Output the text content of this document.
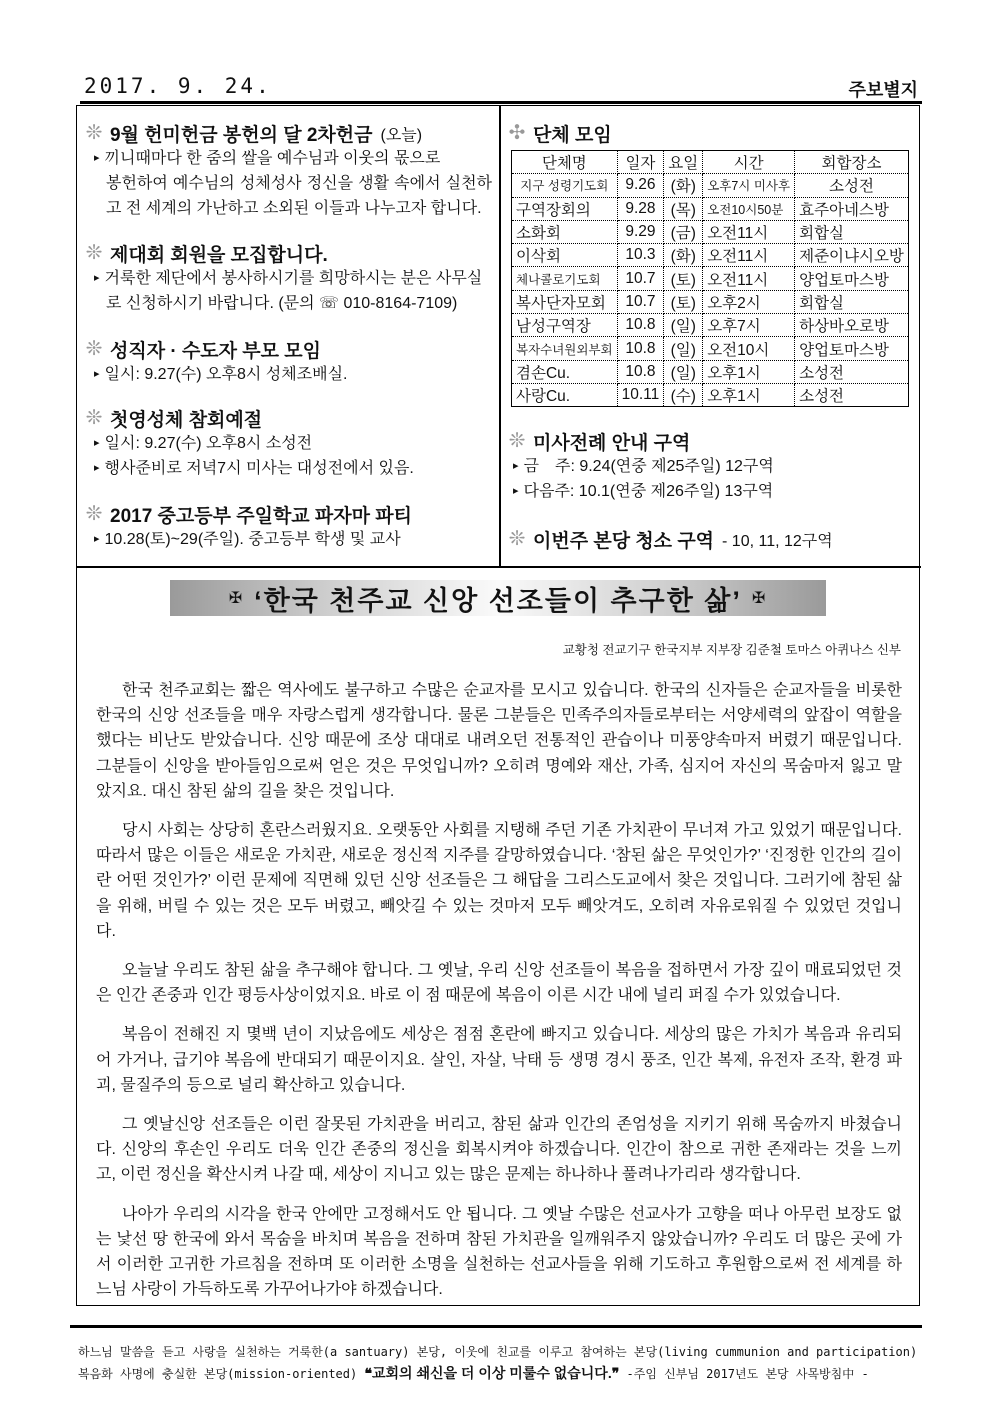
2017. 9. 24.	주보별지
❊ 9월 헌미헌금 봉헌의 달 2차헌금 (오늘)

▸ 끼니때마다 한 줌의 쌀을 예수님과 이웃의 몫으로

봉헌하여 예수님의 성체성사 정신을 생활 속에서 실천하고 전 세계의 가난하고 소외된 이들과 나누고자 합니다.

❊ 제대회 회원을 모집합니다.

▸ 거룩한 제단에서 봉사하시기를 희망하시는 분은 사무실

로 신청하시기 바랍니다. (문의 ☏ 010-8164-7109)

❊ 성직자 · 수도자 부모 모임

▸ 일시: 9.27(수) 오후8시 성체조배실.

❊ 첫영성체 참회예절

▸ 일시: 9.27(수) 오후8시 소성전

▸ 행사준비로 저녁7시 미사는 대성전에서 있음.

❊ 2017 중고등부 주일학교 파자마 파티

▸ 10.28(토)~29(주일). 중고등부 학생 및 교사

✣ 단체 모임
단체명	일자	요일	시간	회합장소
지구 성령기도회	9.26	(화)	오후7시 미사후	소성전
구역장회의	9.28	(목)	오전10시50분	효주아네스방
소화회	9.29	(금)	오전11시	회합실
이삭회	10.3	(화)	오전11시	제준이냐시오방
체나콜로기도회	10.7	(토)	오전11시	양업토마스방
복사단자모회	10.7	(토)	오후2시	회합실
남성구역장	10.8	(일)	오후7시	하상바오로방
복자수녀원외부회	10.8	(일)	오전10시	양업토마스방
겸손Cu.	10.8	(일)	오후1시	소성전
사랑Cu.	10.11	(수)	오후1시	소성전
❊ 미사전례 안내 구역

▸ 금　주: 9.24(연중 제25주일) 12구역

▸ 다음주: 10.1(연중 제26주일) 13구역

❊ 이번주 본당 청소 구역 - 10, 11, 12구역
✠ ‘한국 천주교 신앙 선조들이 추구한 삶’ ✠
교황청 전교기구 한국지부 지부장 김준철 토마스 아퀴나스 신부

한국 천주교회는 짧은 역사에도 불구하고 수많은 순교자를 모시고 있습니다. 한국의 신자들은 순교자들을 비롯한 한국의 신앙 선조들을 매우 자랑스럽게 생각합니다. 물론 그분들은 민족주의자들로부터는 서양세력의 앞잡이 역할을 했다는 비난도 받았습니다. 신앙 때문에 조상 대대로 내려오던 전통적인 관습이나 미풍양속마저 버렸기 때문입니다. 그분들이 신앙을 받아들임으로써 얻은 것은 무엇입니까? 오히려 명예와 재산, 가족, 심지어 자신의 목숨마저 잃고 말았지요. 대신 참된 삶의 길을 찾은 것입니다.

당시 사회는 상당히 혼란스러웠지요. 오랫동안 사회를 지탱해 주던 기존 가치관이 무너져 가고 있었기 때문입니다. 따라서 많은 이들은 새로운 가치관, 새로운 정신적 지주를 갈망하였습니다. ‘참된 삶은 무엇인가?’ ‘진정한 인간의 길이란 어떤 것인가?’ 이런 문제에 직면해 있던 신앙 선조들은 그 해답을 그리스도교에서 찾은 것입니다. 그러기에 참된 삶을 위해, 버릴 수 있는 것은 모두 버렸고, 빼앗길 수 있는 것마저 모두 빼앗겨도, 오히려 자유로워질 수 있었던 것입니다.

오늘날 우리도 참된 삶을 추구해야 합니다. 그 옛날, 우리 신앙 선조들이 복음을 접하면서 가장 깊이 매료되었던 것은 인간 존중과 인간 평등사상이었지요. 바로 이 점 때문에 복음이 이른 시간 내에 널리 퍼질 수가 있었습니다.

복음이 전해진 지 몇백 년이 지났음에도 세상은 점점 혼란에 빠지고 있습니다. 세상의 많은 가치가 복음과 유리되어 가거나, 급기야 복음에 반대되기 때문이지요. 살인, 자살, 낙태 등 생명 경시 풍조, 인간 복제, 유전자 조작, 환경 파괴, 물질주의 등으로 널리 확산하고 있습니다.

그 옛날신앙 선조들은 이런 잘못된 가치관을 버리고, 참된 삶과 인간의 존엄성을 지키기 위해 목숨까지 바쳤습니다. 신앙의 후손인 우리도 더욱 인간 존중의 정신을 회복시켜야 하겠습니다. 인간이 참으로 귀한 존재라는 것을 느끼고, 이런 정신을 확산시켜 나갈 때, 세상이 지니고 있는 많은 문제는 하나하나 풀려나가리라 생각합니다.

나아가 우리의 시각을 한국 안에만 고정해서도 안 됩니다. 그 옛날 수많은 선교사가 고향을 떠나 아무런 보장도 없는 낯선 땅 한국에 와서 목숨을 바치며 복음을 전하며 참된 가치관을 일깨워주지 않았습니까? 우리도 더 많은 곳에 가서 이러한 고귀한 가르침을 전하며 또 이러한 소명을 실천하는 선교사들을 위해 기도하고 후원함으로써 전 세계를 하느님 사랑이 가득하도록 가꾸어나가야 하겠습니다.

하느님 말씀을 듣고 사랑을 실천하는 거룩한(a santuary) 본당, 이웃에 친교를 이루고 참여하는 본당(living cummunion and participation)
복음화 사명에 충실한 본당(mission-oriented) ❝교회의 쇄신을 더 이상 미룰수 없습니다.❞ -주임 신부님 2017년도 본당 사목방침中 -
